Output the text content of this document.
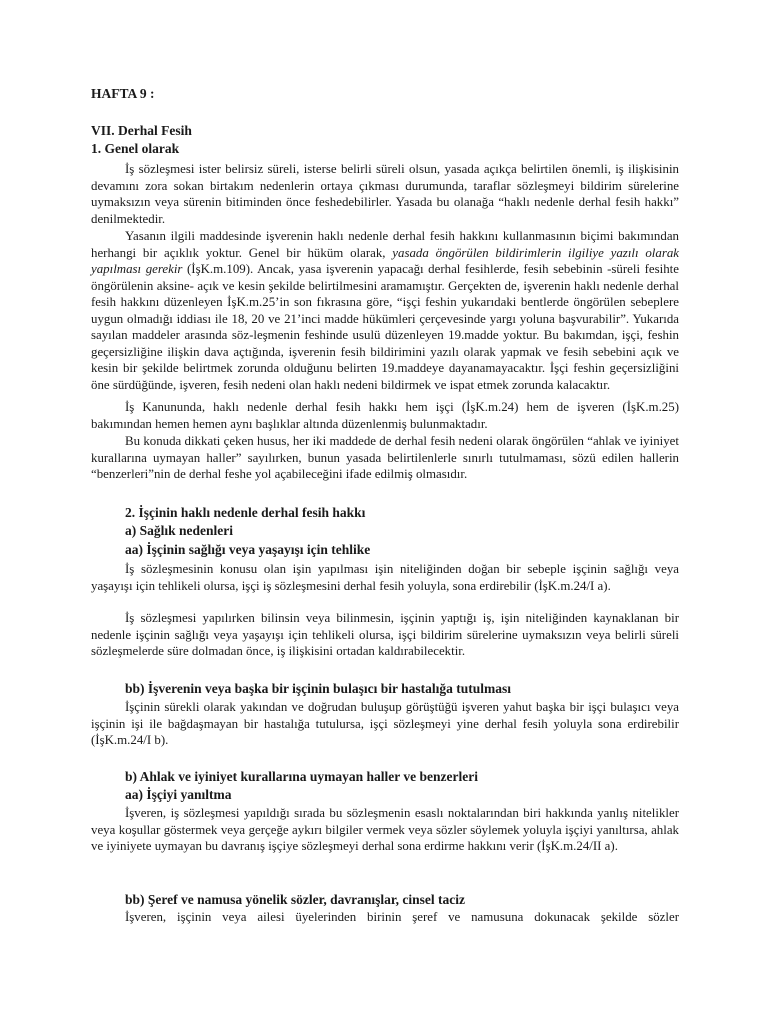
HAFTA 9 :
VII. Derhal Fesih
1. Genel olarak

İş sözleşmesi ister belirsiz süreli, isterse belirli süreli olsun, yasada açıkça belirtilen önemli, iş ilişkisinin devamını zora sokan birtakım nedenlerin ortaya çıkması durumunda, taraflar sözleşmeyi bildirim sürelerine uymaksızın veya sürenin bitiminden önce feshedebilirler. Yasada bu olanağa “haklı nedenle derhal fesih hakkı” denilmektedir.

Yasanın ilgili maddesinde işverenin haklı nedenle derhal fesih hakkını kullanmasının biçimi bakımından herhangi bir açıklık yoktur. Genel bir hüküm olarak, yasada öngörülen bildirimlerin ilgiliye yazılı olarak yapılması gerekir (İşK.m.109). Ancak, yasa işverenin yapacağı derhal fesihlerde, fesih sebebinin -süreli fesihte öngörülenin aksine- açık ve kesin şekilde belirtilmesini aramamıştır. Gerçekten de, işverenin haklı nedenle derhal fesih hakkını düzenleyen İşK.m.25’in son fıkrasına göre, “işçi feshin yukarıdaki bentlerde öngörülen sebeplere uygun olmadığı iddiası ile 18, 20 ve 21’inci madde hükümleri çerçevesinde yargı yoluna başvurabilir”. Yukarıda sayılan maddeler arasında söz-leşmenin feshinde usulü düzenleyen 19.madde yoktur. Bu bakımdan, işçi, feshin geçersizliğine ilişkin dava açtığında, işverenin fesih bildirimini yazılı olarak yapmak ve fesih sebebini açık ve kesin bir şekilde belirtmek zorunda olduğunu belirten 19.maddeye dayanamayacaktır. İşçi feshin geçersizliğini öne sürdüğünde, işveren, fesih nedeni olan haklı nedeni bildirmek ve ispat etmek zorunda kalacaktır.

İş Kanununda, haklı nedenle derhal fesih hakkı hem işçi (İşK.m.24) hem de işveren (İşK.m.25) bakımından hemen hemen aynı başlıklar altında düzenlenmiş bulunmaktadır.

Bu konuda dikkati çeken husus, her iki maddede de derhal fesih nedeni olarak öngörülen “ahlak ve iyiniyet kurallarına uymayan haller” sayılırken, bunun yasada belirtilenlerle sınırlı tutulmaması, sözü edilen hallerin “benzerleri”nin de derhal feshe yol açabileceğini ifade edilmiş olmasıdır.

2. İşçinin haklı nedenle derhal fesih hakkı
a) Sağlık nedenleri
aa) İşçinin sağlığı veya yaşayışı için tehlike

İş sözleşmesinin konusu olan işin yapılması işin niteliğinden doğan bir sebeple işçinin sağlığı veya yaşayışı için tehlikeli olursa, işçi iş sözleşmesini derhal fesih yoluyla, sona erdirebilir (İşK.m.24/I a).

İş sözleşmesi yapılırken bilinsin veya bilinmesin, işçinin yaptığı iş, işin niteliğinden kaynaklanan bir nedenle işçinin sağlığı veya yaşayışı için tehlikeli olursa, işçi bildirim sürelerine uymaksızın veya belirli süreli sözleşmelerde süre dolmadan önce, iş ilişkisini ortadan kaldırabilecektir.

bb) İşverenin veya başka bir işçinin bulaşıcı bir hastalığa tutulması

İşçinin sürekli olarak yakından ve doğrudan buluşup görüştüğü işveren yahut başka bir işçi bulaşıcı veya işçinin işi ile bağdaşmayan bir hastalığa tutulursa, işçi sözleşmeyi yine derhal fesih yoluyla sona erdirebilir (İşK.m.24/I b).

b) Ahlak ve iyiniyet kurallarına uymayan haller ve benzerleri
aa) İşçiyi yanıltma

İşveren, iş sözleşmesi yapıldığı sırada bu sözleşmenin esaslı noktalarından biri hakkında yanlış nitelikler veya koşullar göstermek veya gerçeğe aykırı bilgiler vermek veya sözler söylemek yoluyla işçiyi yanıltırsa, ahlak ve iyiniyete uymayan bu davranış işçiye sözleşmeyi derhal sona erdirme hakkını verir (İşK.m.24/II a).

bb) Şeref ve namusa yönelik sözler, davranışlar, cinsel taciz

İşveren, işçinin veya ailesi üyelerinden birinin şeref ve namusuna dokunacak şekilde sözler
